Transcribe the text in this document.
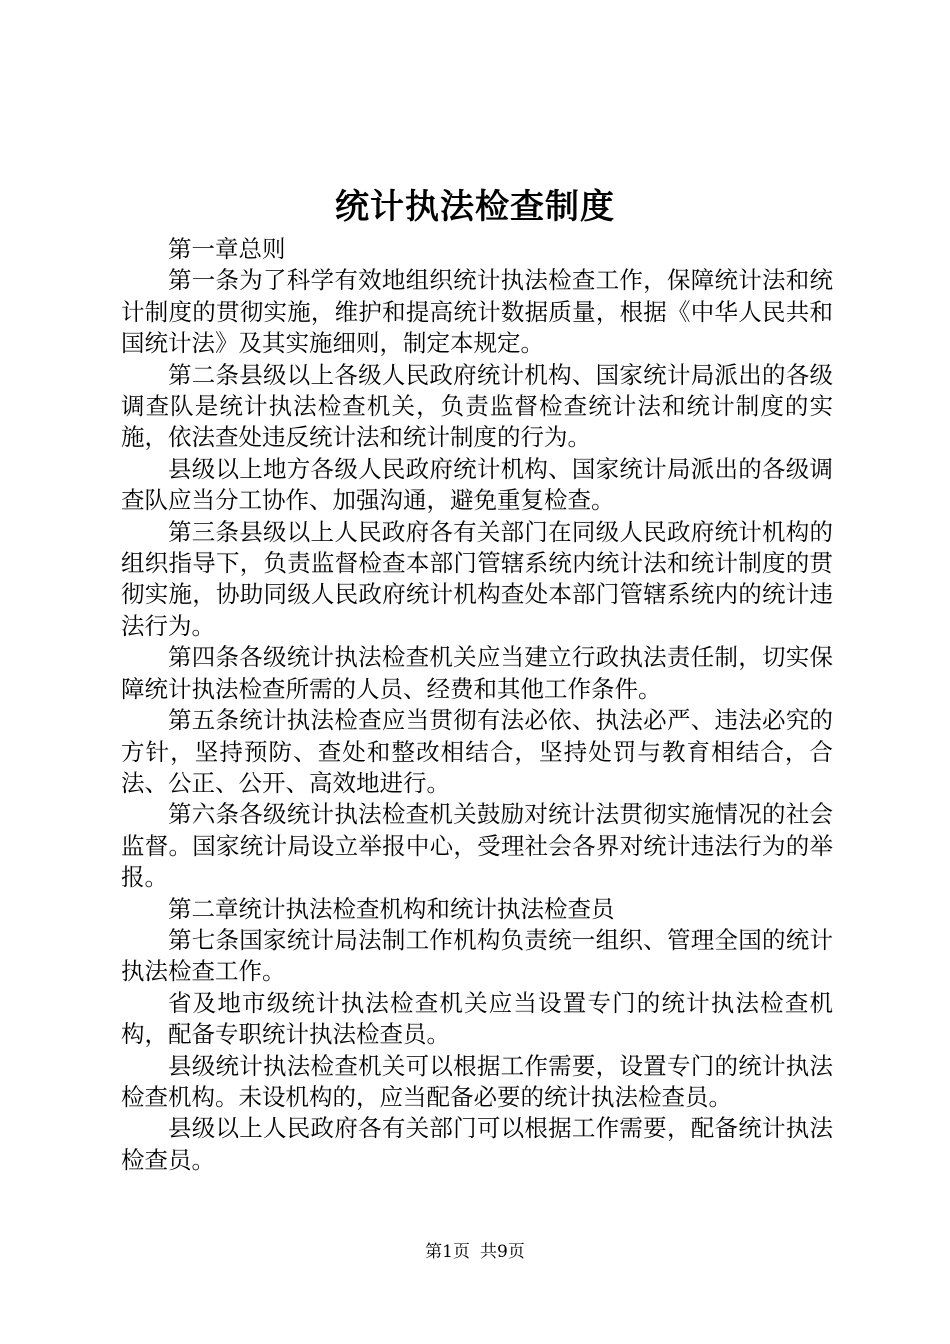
统计执法检查制度

第一章总则

第一条为了科学有效地组织统计执法检查工作，保障统计法和统计制度的贯彻实施，维护和提高统计数据质量，根据《中华人民共和国统计法》及其实施细则，制定本规定。

第二条县级以上各级人民政府统计机构、国家统计局派出的各级调查队是统计执法检查机关，负责监督检查统计法和统计制度的实施，依法查处违反统计法和统计制度的行为。

县级以上地方各级人民政府统计机构、国家统计局派出的各级调查队应当分工协作、加强沟通，避免重复检查。

第三条县级以上人民政府各有关部门在同级人民政府统计机构的组织指导下，负责监督检查本部门管辖系统内统计法和统计制度的贯彻实施，协助同级人民政府统计机构查处本部门管辖系统内的统计违法行为。

第四条各级统计执法检查机关应当建立行政执法责任制，切实保障统计执法检查所需的人员、经费和其他工作条件。

第五条统计执法检查应当贯彻有法必依、执法必严、违法必究的方针，坚持预防、查处和整改相结合，坚持处罚与教育相结合，合法、公正、公开、高效地进行。

第六条各级统计执法检查机关鼓励对统计法贯彻实施情况的社会监督。国家统计局设立举报中心，受理社会各界对统计违法行为的举报。

第二章统计执法检查机构和统计执法检查员

第七条国家统计局法制工作机构负责统一组织、管理全国的统计执法检查工作。

省及地市级统计执法检查机关应当设置专门的统计执法检查机构，配备专职统计执法检查员。

县级统计执法检查机关可以根据工作需要，设置专门的统计执法检查机构。未设机构的，应当配备必要的统计执法检查员。

县级以上人民政府各有关部门可以根据工作需要，配备统计执法检查员。

第1页 共9页
